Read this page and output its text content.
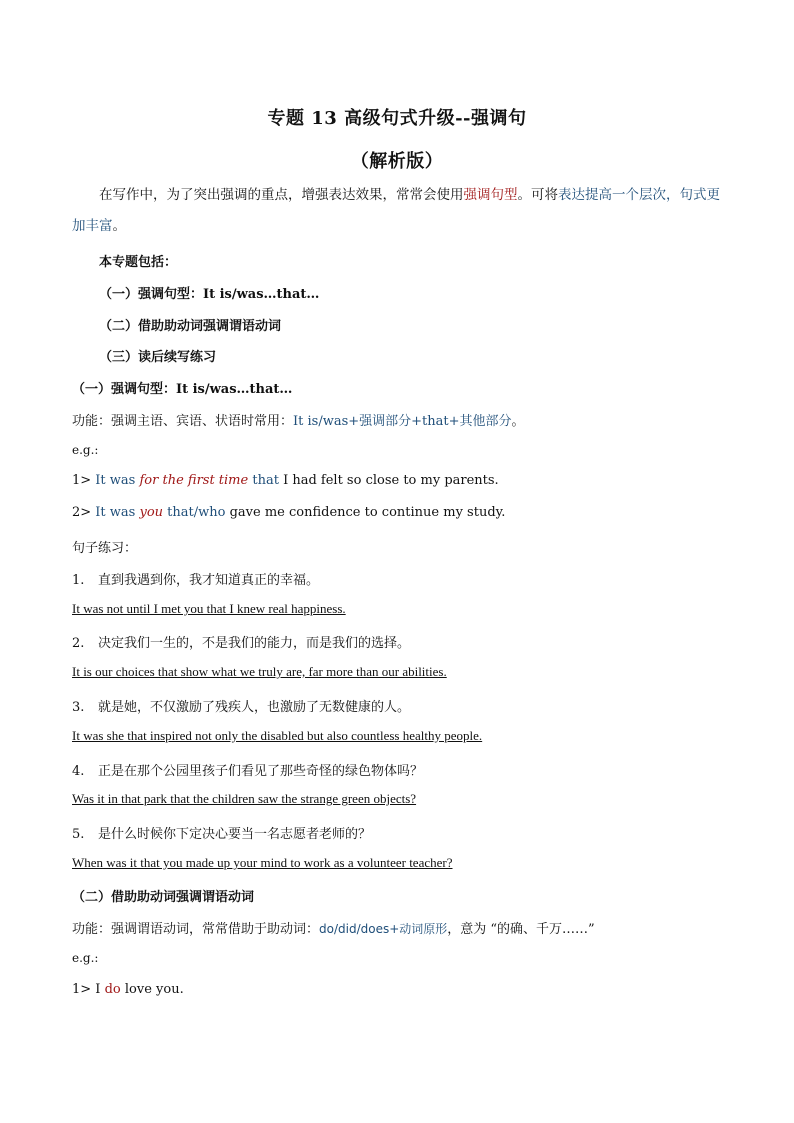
专题 13 高级句式升级--强调句
（解析版）
在写作中，为了突出强调的重点，增强表达效果，常常会使用强调句型。可将表达提高一个层次，句式更加丰富。
本专题包括：
（一）强调句型：It is/was…that…
（二）借助助动词强调谓语动词
（三）读后续写练习
（一）强调句型：It is/was…that…
功能：强调主语、宾语、状语时常用：It is/was+强调部分+that+其他部分。
e.g.:
1> It was for the first time that I had felt so close to my parents.
2> It was you that/who gave me confidence to continue my study.
句子练习：
1. 直到我遇到你，我才知道真正的幸福。
It was not until I met you that I knew real happiness.
2. 决定我们一生的，不是我们的能力，而是我们的选择。
It is our choices that show what we truly are, far more than our abilities.
3. 就是她，不仅激励了残疾人，也激励了无数健康的人。
It was she that inspired not only the disabled but also countless healthy people.
4. 正是在那个公园里孩子们看见了那些奇怪的绿色物体吗？
Was it in that park that the children saw the strange green objects?
5. 是什么时候你下定决心要当一名志愿者老师的？
When was it that you made up your mind to work as a volunteer teacher?
（二）借助助动词强调谓语动词
功能：强调谓语动词，常常借助于助动词：do/did/does+动词原形，意为 “的确、千万……”
e.g.:
1> I do love you.
